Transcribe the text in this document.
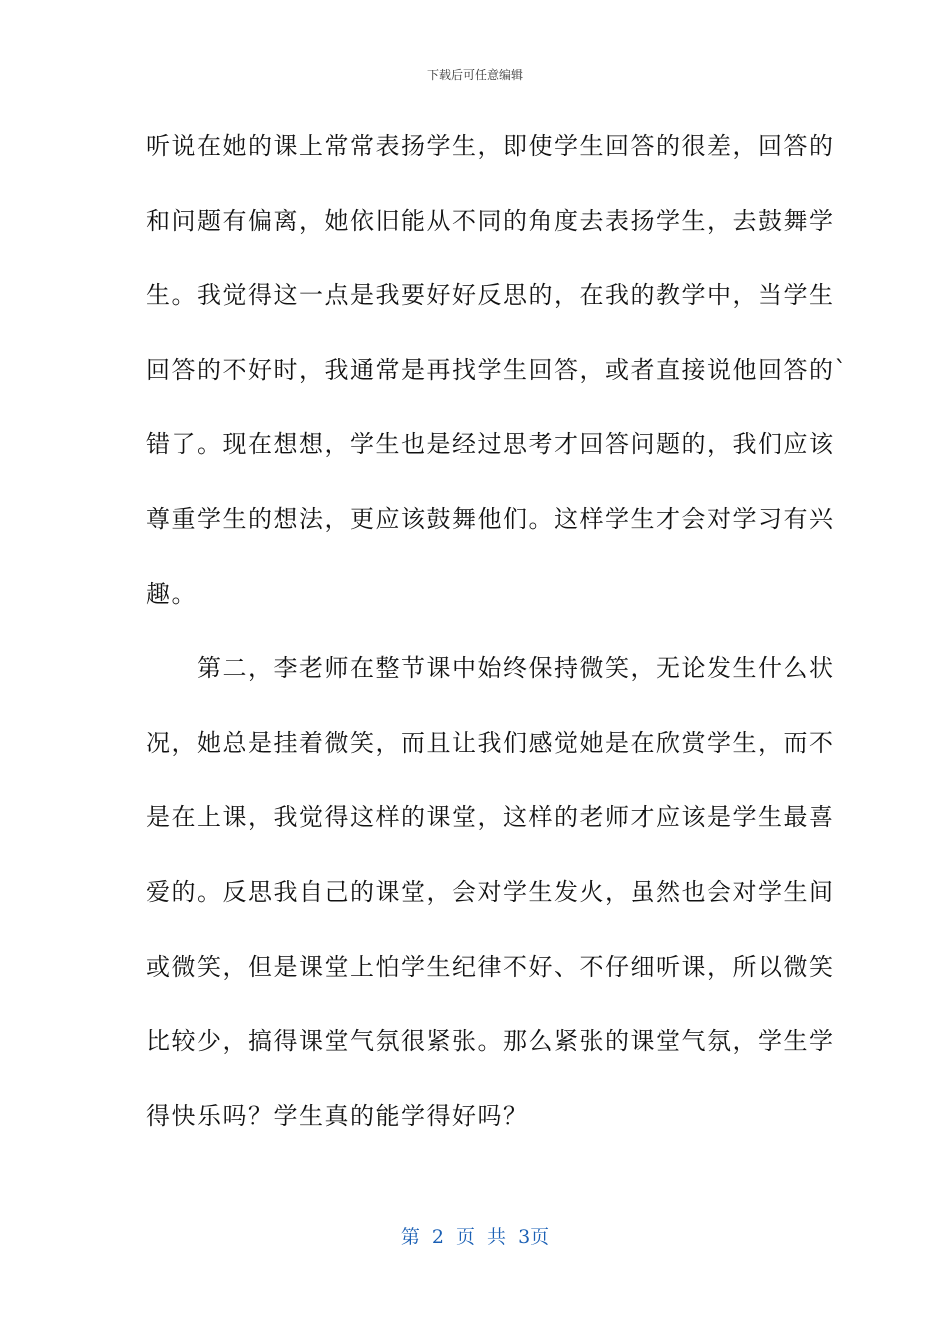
下载后可任意编辑
听说在她的课上常常表扬学生，即使学生回答的很差，回答的
和问题有偏离，她依旧能从不同的角度去表扬学生，去鼓舞学
生。我觉得这一点是我要好好反思的，在我的教学中，当学生
回答的不好时，我通常是再找学生回答，或者直接说他回答的`
错了。现在想想，学生也是经过思考才回答问题的，我们应该
尊重学生的想法，更应该鼓舞他们。这样学生才会对学习有兴
趣。
　　第二，李老师在整节课中始终保持微笑，无论发生什么状
况，她总是挂着微笑，而且让我们感觉她是在欣赏学生，而不
是在上课，我觉得这样的课堂，这样的老师才应该是学生最喜
爱的。反思我自己的课堂，会对学生发火，虽然也会对学生间
或微笑，但是课堂上怕学生纪律不好、不仔细听课，所以微笑
比较少，搞得课堂气氛很紧张。那么紧张的课堂气氛，学生学
得快乐吗？学生真的能学得好吗？
第 2 页 共 3页
